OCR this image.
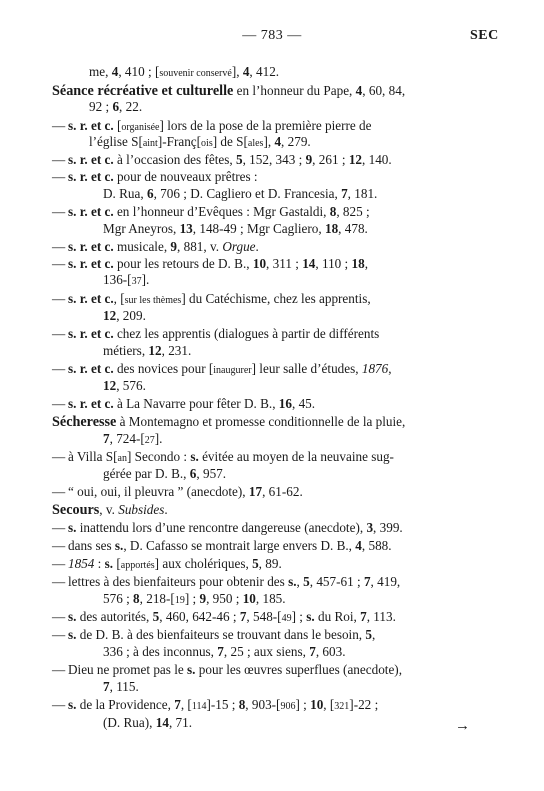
— 783 —	SEC
me, 4, 410 ; [souvenir conservé], 4, 412.
Séance récréative et culturelle en l’honneur du Pape, 4, 60, 84,
92 ; 6, 22.
— s. r. et c. [organisée] lors de la pose de la première pierre de
l’église S[aint]-Franç[ois] de S[ales], 4, 279.
— s. r. et c. à l’occasion des fêtes, 5, 152, 343 ; 9, 261 ; 12, 140.
— s. r. et c. pour de nouveaux prêtres :
D. Rua, 6, 706 ; D. Cagliero et D. Francesia, 7, 181.
— s. r. et c. en l’honneur d’Evêques : Mgr Gastaldi, 8, 825 ;
Mgr Aneyros, 13, 148-49 ; Mgr Cagliero, 18, 478.
— s. r. et c. musicale, 9, 881, v. Orgue.
— s. r. et c. pour les retours de D. B., 10, 311 ; 14, 110 ; 18,
136-[37].
— s. r. et c., [sur les thèmes] du Catéchisme, chez les apprentis,
12, 209.
— s. r. et c. chez les apprentis (dialogues à partir de différents
métiers, 12, 231.
— s. r. et c. des novices pour [inaugurer] leur salle d’études, 1876,
12, 576.
— s. r. et c. à La Navarre pour fêter D. B., 16, 45.
Sécheresse à Montemagno et promesse conditionnelle de la pluie,
7, 724-[27].
— à Villa S[an] Secondo : s. évitée au moyen de la neuvaine sug-
gérée par D. B., 6, 957.
— “ oui, oui, il pleuvra ” (anecdote), 17, 61-62.
Secours, v. Subsides.
— s. inattendu lors d’une rencontre dangereuse (anecdote), 3, 399.
— dans ses s., D. Cafasso se montrait large envers D. B., 4, 588.
— 1854 : s. [apportés] aux cholériques, 5, 89.
— lettres à des bienfaiteurs pour obtenir des s., 5, 457-61 ; 7, 419,
576 ; 8, 218-[19] ; 9, 950 ; 10, 185.
— s. des autorités, 5, 460, 642-46 ; 7, 548-[49] ; s. du Roi, 7, 113.
— s. de D. B. à des bienfaiteurs se trouvant dans le besoin, 5,
336 ; à des inconnus, 7, 25 ; aux siens, 7, 603.
— Dieu ne promet pas le s. pour les œuvres superflues (anecdote),
7, 115.
— s. de la Providence, 7, [114]-15 ; 8, 903-[906] ; 10, [321]-22 ;
(D. Rua), 14, 71.	→
